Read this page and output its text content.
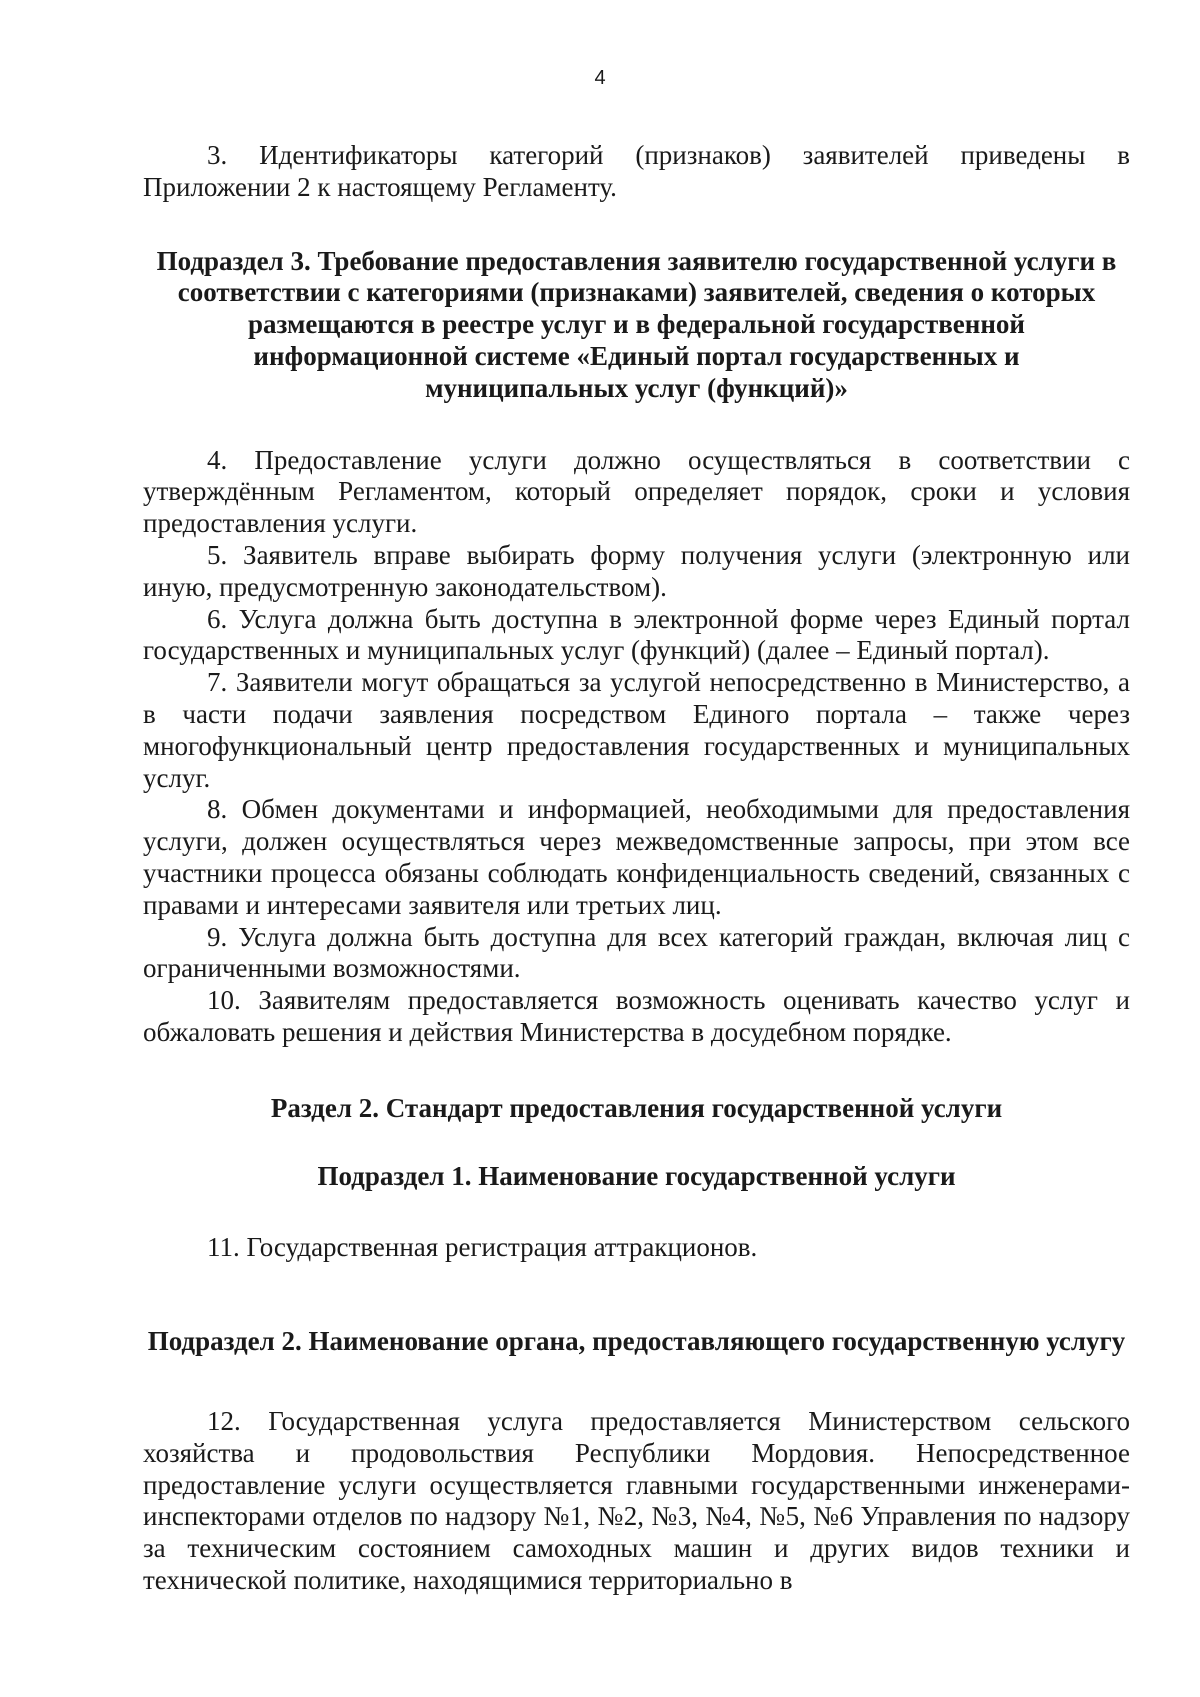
4

3. Идентификаторы категорий (признаков) заявителей приведены в Приложении 2 к настоящему Регламенту.

Подраздел 3. Требование предоставления заявителю государственной услуги в соответствии с категориями (признаками) заявителей, сведения о которых размещаются в реестре услуг и в федеральной государственной информационной системе «Единый портал государственных и муниципальных услуг (функций)»

4. Предоставление услуги должно осуществляться в соответствии с утверждённым Регламентом, который определяет порядок, сроки и условия предоставления услуги.

5. Заявитель вправе выбирать форму получения услуги (электронную или иную, предусмотренную законодательством).

6. Услуга должна быть доступна в электронной форме через Единый портал государственных и муниципальных услуг (функций) (далее – Единый портал).

7. Заявители могут обращаться за услугой непосредственно в Министерство, а в части подачи заявления посредством Единого портала – также через многофункциональный центр предоставления государственных и муниципальных услуг.

8. Обмен документами и информацией, необходимыми для предоставления услуги, должен осуществляться через межведомственные запросы, при этом все участники процесса обязаны соблюдать конфиденциальность сведений, связанных с правами и интересами заявителя или третьих лиц.

9. Услуга должна быть доступна для всех категорий граждан, включая лиц с ограниченными возможностями.

10. Заявителям предоставляется возможность оценивать качество услуг и обжаловать решения и действия Министерства в досудебном порядке.

Раздел 2. Стандарт предоставления государственной услуги
Подраздел 1. Наименование государственной услуги

11. Государственная регистрация аттракционов.

Подраздел 2. Наименование органа, предоставляющего государственную услугу

12. Государственная услуга предоставляется Министерством сельского хозяйства и продовольствия Республики Мордовия. Непосредственное предоставление услуги осуществляется главными государственными инженерами-инспекторами отделов по надзору №1, №2, №3, №4, №5, №6 Управления по надзору за техническим состоянием самоходных машин и других видов техники и технической политике, находящимися территориально в
